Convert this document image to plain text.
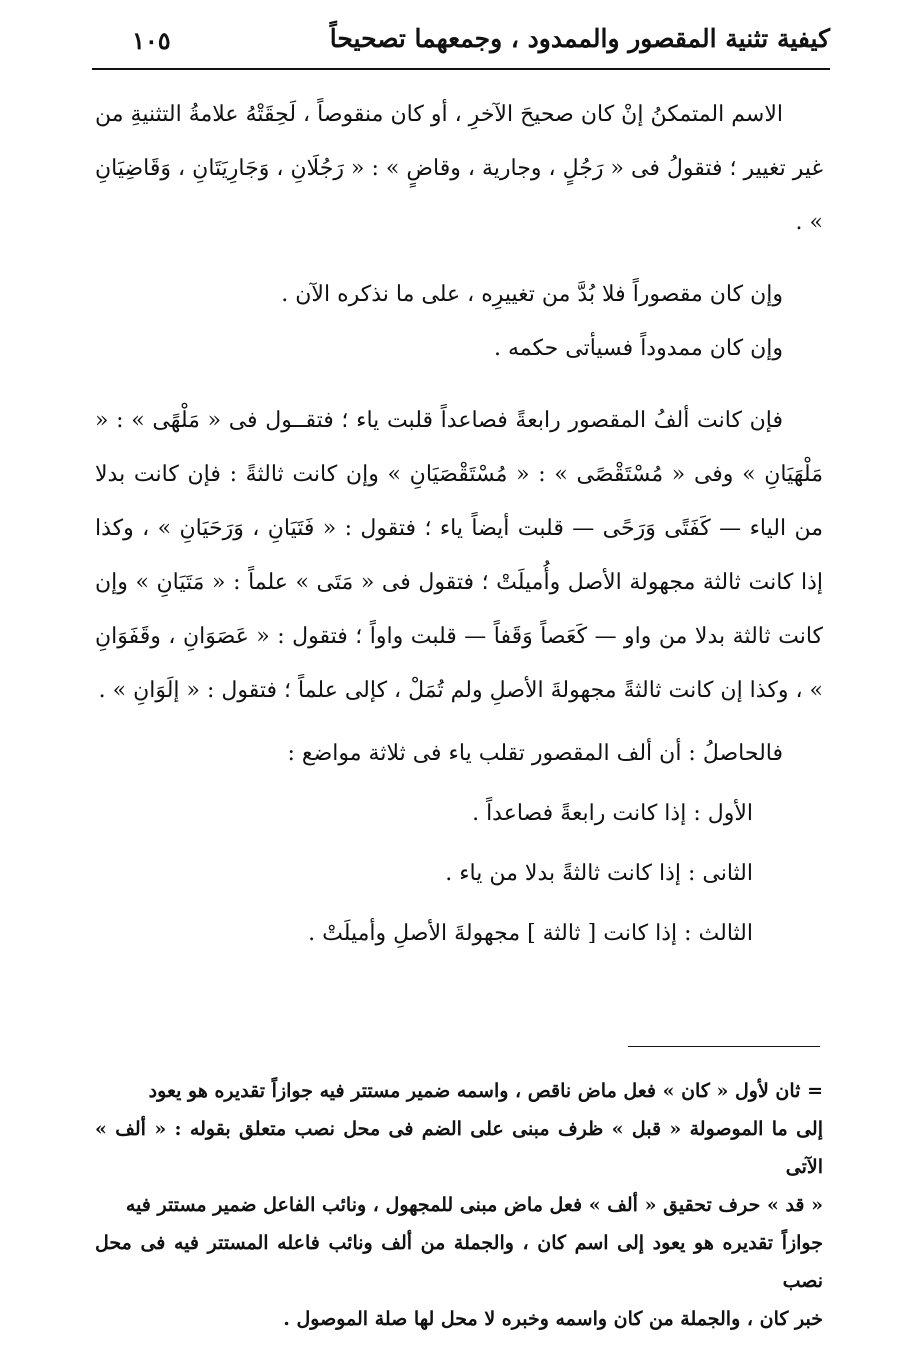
كيفية تثنية المقصور والممدود ، وجمعهما تصحيحاً
١٠٥

الاسم المتمكنُ إنْ كان صحيحَ الآخرِ ، أو كان منقوصاً ، لَحِقَتْهُ علامةُ التثنيةِ من غير تغيير ؛ فتقولُ فى « رَجُلٍ ، وجارية ، وقاضٍ » : « رَجُلَانِ ، وَجَارِيَتَانِ ، وَقَاضِيَانِ » .

وإن كان مقصوراً فلا بُدَّ من تغييرِه ، على ما نذكره الآن .

وإن كان ممدوداً فسيأتى حكمه .

فإن كانت ألفُ المقصور رابعةً فصاعداً قلبت ياء ؛ فتقــول فى « مَلْهًى » : « مَلْهَيَانِ » وفى « مُسْتَقْصًى » : « مُسْتَقْصَيَانِ » وإن كانت ثالثةً : فإن كانت بدلا من الياء — كَفَتًى وَرَحًى — قلبت أيضاً ياء ؛ فتقول : « فَتَيَانِ ، وَرَحَيَانِ » ، وكذا إذا كانت ثالثة مجهولة الأصل وأُميلَتْ ؛ فتقول فى « مَتَى » علماً : « مَتَيَانِ » وإن كانت ثالثة بدلا من واو — كَعَصاً وَقَفاً — قلبت واواً ؛ فتقول : « عَصَوَانِ ، وقَفَوَانِ » ، وكذا إن كانت ثالثةً مجهولةَ الأصلِ ولم تُمَلْ ، كإلى علماً ؛ فتقول : « إلَوَانِ » .

فالحاصلُ : أن ألف المقصور تقلب ياء فى ثلاثة مواضع :

الأول : إذا كانت رابعةً فصاعداً .

الثانى : إذا كانت ثالثةً بدلا من ياء .

الثالث : إذا كانت [ ثالثة ] مجهولةَ الأصلِ وأميلَتْ .

= ثان لأول « كان » فعل ماض ناقص ، واسمه ضمير مستتر فيه جوازاً تقديره هو يعود

إلى ما الموصولة « قبل » ظرف مبنى على الضم فى محل نصب متعلق بقوله : « ألف » الآتى

« قد » حرف تحقيق « ألف » فعل ماض مبنى للمجهول ، ونائب الفاعل ضمير مستتر فيه

جوازاً تقديره هو يعود إلى اسم كان ، والجملة من ألف ونائب فاعله المستتر فيه فى محل نصب

خبر كان ، والجملة من كان واسمه وخبره لا محل لها صلة الموصول .
